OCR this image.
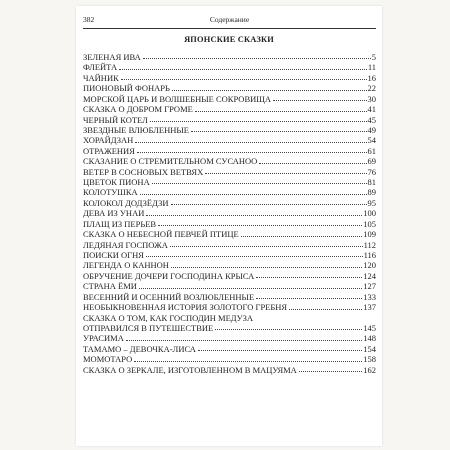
382	Содержание
ЯПОНСКИЕ СКАЗКИ
ЗЕЛЕНАЯ ИВА	5
ФЛЕЙТА	11
ЧАЙНИК	16
ПИОНОВЫЙ ФОНАРЬ	22
МОРСКОЙ ЦАРЬ И ВОЛШЕБНЫЕ СОКРОВИЩА	30
СКАЗКА О ДОБРОМ ГРОМЕ	41
ЧЕРНЫЙ КОТЕЛ	45
ЗВЕЗДНЫЕ ВЛЮБЛЕННЫЕ	49
ХОРАЙДЗАН	54
ОТРАЖЕНИЯ	61
СКАЗАНИЕ О СТРЕМИТЕЛЬНОМ СУСАНОО	69
ВЕТЕР В СОСНОВЫХ ВЕТВЯХ	76
ЦВЕТОК ПИОНА	81
КОЛОТУШКА	89
КОЛОКОЛ ДОДЗЁДЗИ	95
ДЕВА ИЗ УНАИ	100
ПЛАЩ ИЗ ПЕРЬЕВ	105
СКАЗКА О НЕБЕСНОЙ ПЕВЧЕЙ ПТИЦЕ	109
ЛЕДЯНАЯ ГОСПОЖА	112
ПОИСКИ ОГНЯ	116
ЛЕГЕНДА О КАННОН	120
ОБРУЧЕНИЕ ДОЧЕРИ ГОСПОДИНА КРЫСА	124
СТРАНА ЁМИ	127
ВЕСЕННИЙ И ОСЕННИЙ ВОЗЛЮБЛЕННЫЕ	133
НЕОБЫКНОВЕННАЯ ИСТОРИЯ ЗОЛОТОГО ГРЕБНЯ	137
СКАЗКА О ТОМ, КАК ГОСПОДИН МЕДУЗА
ОТПРАВИЛСЯ В ПУТЕШЕСТВИЕ	145
УРАСИМА	148
ТАМАМО – ДЕВОЧКА-ЛИСА	154
МОМОТАРО	158
СКАЗКА О ЗЕРКАЛЕ, ИЗГОТОВЛЕННОМ В МАЦУЯМА	162
